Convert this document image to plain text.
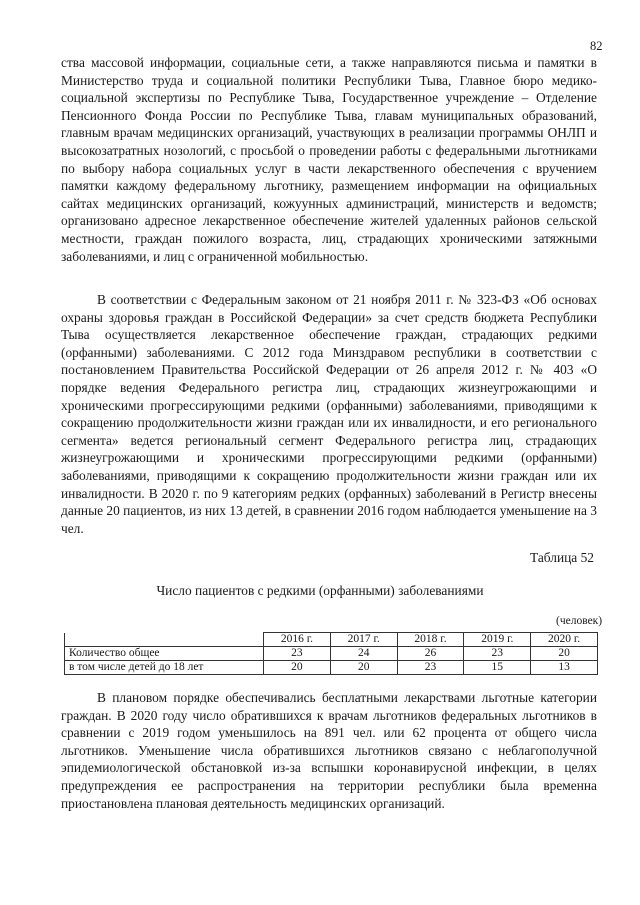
82

ства массовой информации, социальные сети, а также направляются письма и памятки в Министерство труда и социальной политики Республики Тыва, Главное бюро медико-социальной экспертизы по Республике Тыва, Государственное учреждение – Отделение Пенсионного Фонда России по Республике Тыва, главам муниципальных образований, главным врачам медицинских организаций, участвующих в реализации программы ОНЛП и высокозатратных нозологий, с просьбой о проведении работы с федеральными льготниками по выбору набора социальных услуг в части лекарственного обеспечения с вручением памятки каждому федеральному льготнику, размещением информации на официальных сайтах медицинских организаций, кожуунных администраций, министерств и ведомств; организовано адресное лекарственное обеспечение жителей удаленных районов сельской местности, граждан пожилого возраста, лиц, страдающих хроническими затяжными заболеваниями, и лиц с ограниченной мобильностью.

В соответствии с Федеральным законом от 21 ноября 2011 г. № 323-ФЗ «Об основах охраны здоровья граждан в Российской Федерации» за счет средств бюджета Республики Тыва осуществляется лекарственное обеспечение граждан, страдающих редкими (орфанными) заболеваниями. С 2012 года Минздравом республики в соответствии с постановлением Правительства Российской Федерации от 26 апреля 2012 г. № 403 «О порядке ведения Федерального регистра лиц, страдающих жизнеугрожающими и хроническими прогрессирующими редкими (орфанными) заболеваниями, приводящими к сокращению продолжительности жизни граждан или их инвалидности, и его регионального сегмента» ведется региональный сегмент Федерального регистра лиц, страдающих жизнеугрожающими и хроническими прогрессирующими редкими (орфанными) заболеваниями, приводящими к сокращению продолжительности жизни граждан или их инвалидности. В 2020 г. по 9 категориям редких (орфанных) заболеваний в Регистр внесены данные 20 пациентов, из них 13 детей, в сравнении 2016 годом наблюдается уменьшение на 3 чел.

Таблица 52
Число пациентов с редкими (орфанными) заболеваниями
(человек)
	2016 г.	2017 г.	2018 г.	2019 г.	2020 г.
Количество общее	23	24	26	23	20
в том числе детей до 18 лет	20	20	23	15	13

В плановом порядке обеспечивались бесплатными лекарствами льготные категории граждан. В 2020 году число обратившихся к врачам льготников федеральных льготников в сравнении с 2019 годом уменьшилось на 891 чел. или 62 процента от общего числа льготников. Уменьшение числа обратившихся льготников связано с неблагополучной эпидемиологической обстановкой из-за вспышки коронавирусной инфекции, в целях предупреждения ее распространения на территории республики была временна приостановлена плановая деятельность медицинских организаций.
